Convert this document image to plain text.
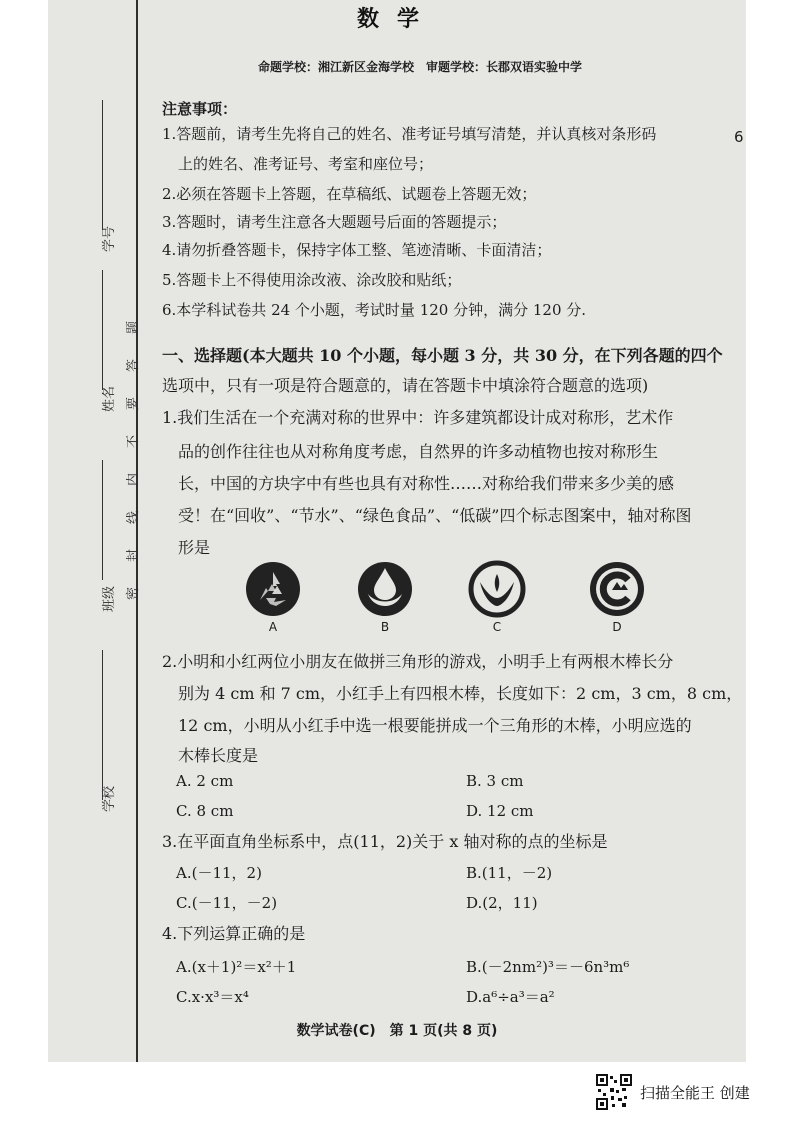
学校
班级
姓名
学号
密　封　线　内　不　要　答　题
数学
命题学校：湘江新区金海学校　审题学校：长郡双语实验中学
6
注意事项：
1.答题前，请考生先将自己的姓名、准考证号填写清楚，并认真核对条形码
上的姓名、准考证号、考室和座位号；
2.必须在答题卡上答题，在草稿纸、试题卷上答题无效；
3.答题时，请考生注意各大题题号后面的答题提示；
4.请勿折叠答题卡，保持字体工整、笔迹清晰、卡面清洁；
5.答题卡上不得使用涂改液、涂改胶和贴纸；
6.本学科试卷共 24 个小题，考试时量 120 分钟，满分 120 分.
一、选择题(本大题共 10 个小题，每小题 3 分，共 30 分，在下列各题的四个
选项中，只有一项是符合题意的，请在答题卡中填涂符合题意的选项)
1.我们生活在一个充满对称的世界中：许多建筑都设计成对称形，艺术作
品的创作往往也从对称角度考虑，自然界的许多动植物也按对称形生
长，中国的方块字中有些也具有对称性……对称给我们带来多少美的感
受！在“回收”、“节水”、“绿色食品”、“低碳”四个标志图案中，轴对称图
形是
A	B	C	D
2.小明和小红两位小朋友在做拼三角形的游戏，小明手上有两根木棒长分
别为 4 cm 和 7 cm，小红手上有四根木棒，长度如下：2 cm，3 cm，8 cm，
12 cm，小明从小红手中选一根要能拼成一个三角形的木棒，小明应选的
木棒长度是
A. 2 cm	B. 3 cm
C. 8 cm	D. 12 cm
3.在平面直角坐标系中，点(11，2)关于 x 轴对称的点的坐标是
A.(－11，2)	B.(11，－2)
C.(－11，－2)	D.(2，11)
4.下列运算正确的是
A.(x＋1)²＝x²＋1	B.(－2nm²)³＝－6n³m⁶
C.x·x³＝x⁴	D.a⁶÷a³＝a²
数学试卷(C)　第 1 页(共 8 页)
扫描全能王 创建
